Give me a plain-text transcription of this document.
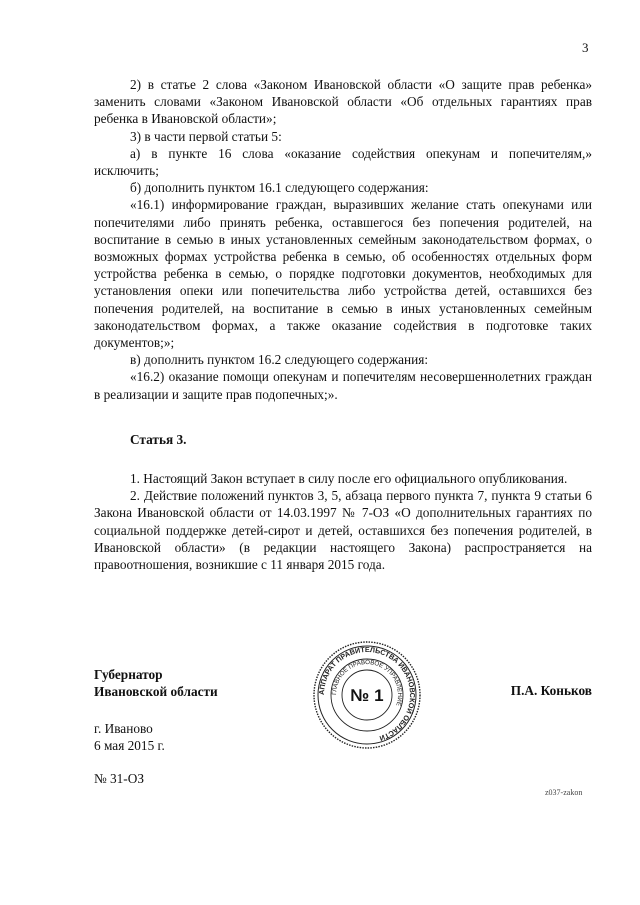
3

2) в статье 2 слова «Законом Ивановской области «О защите прав ребенка» заменить словами «Законом Ивановской области «Об отдельных гарантиях прав ребенка в Ивановской области»;

3) в части первой статьи 5:

а) в пункте 16 слова «оказание содействия опекунам и попечителям,» исключить;

б) дополнить пунктом 16.1 следующего содержания:

«16.1) информирование граждан, выразивших желание стать опекунами или попечителями либо принять ребенка, оставшегося без попечения родителей, на воспитание в семью в иных установленных семейным законодательством формах, о возможных формах устройства ребенка в семью, об особенностях отдельных форм устройства ребенка в семью, о порядке подготовки документов, необходимых для установления опеки или попечительства либо устройства детей, оставшихся без попечения родителей, на воспитание в семью в иных установленных семейным законодательством формах, а также оказание содействия в подготовке таких документов;»;

в) дополнить пунктом 16.2 следующего содержания:

«16.2) оказание помощи опекунам и попечителям несовершеннолетних граждан в реализации и защите прав подопечных;».

Статья 3.

1. Настоящий Закон вступает в силу после его официального опубликования.

2. Действие положений пунктов 3, 5, абзаца первого пункта 7, пункта 9 статьи 6 Закона Ивановской области от 14.03.1997 № 7-ОЗ «О дополнительных гарантиях по социальной поддержке детей-сирот и детей, оставшихся без попечения родителей, в Ивановской области» (в редакции настоящего Закона) распространяется на правоотношения, возникшие с 11 января 2015 года.

Губернатор
Ивановской области	АППАРАТ ПРАВИТЕЛЬСТВА ИВАНОВСКОЙ ОБЛАСТИ
ГЛАВНОЕ ПРАВОВОЕ УПРАВЛЕНИЕ
№ 1	П.А. Коньков
г. Иваново
6 мая 2015 г.
№ 31-ОЗ
z037-zakon
